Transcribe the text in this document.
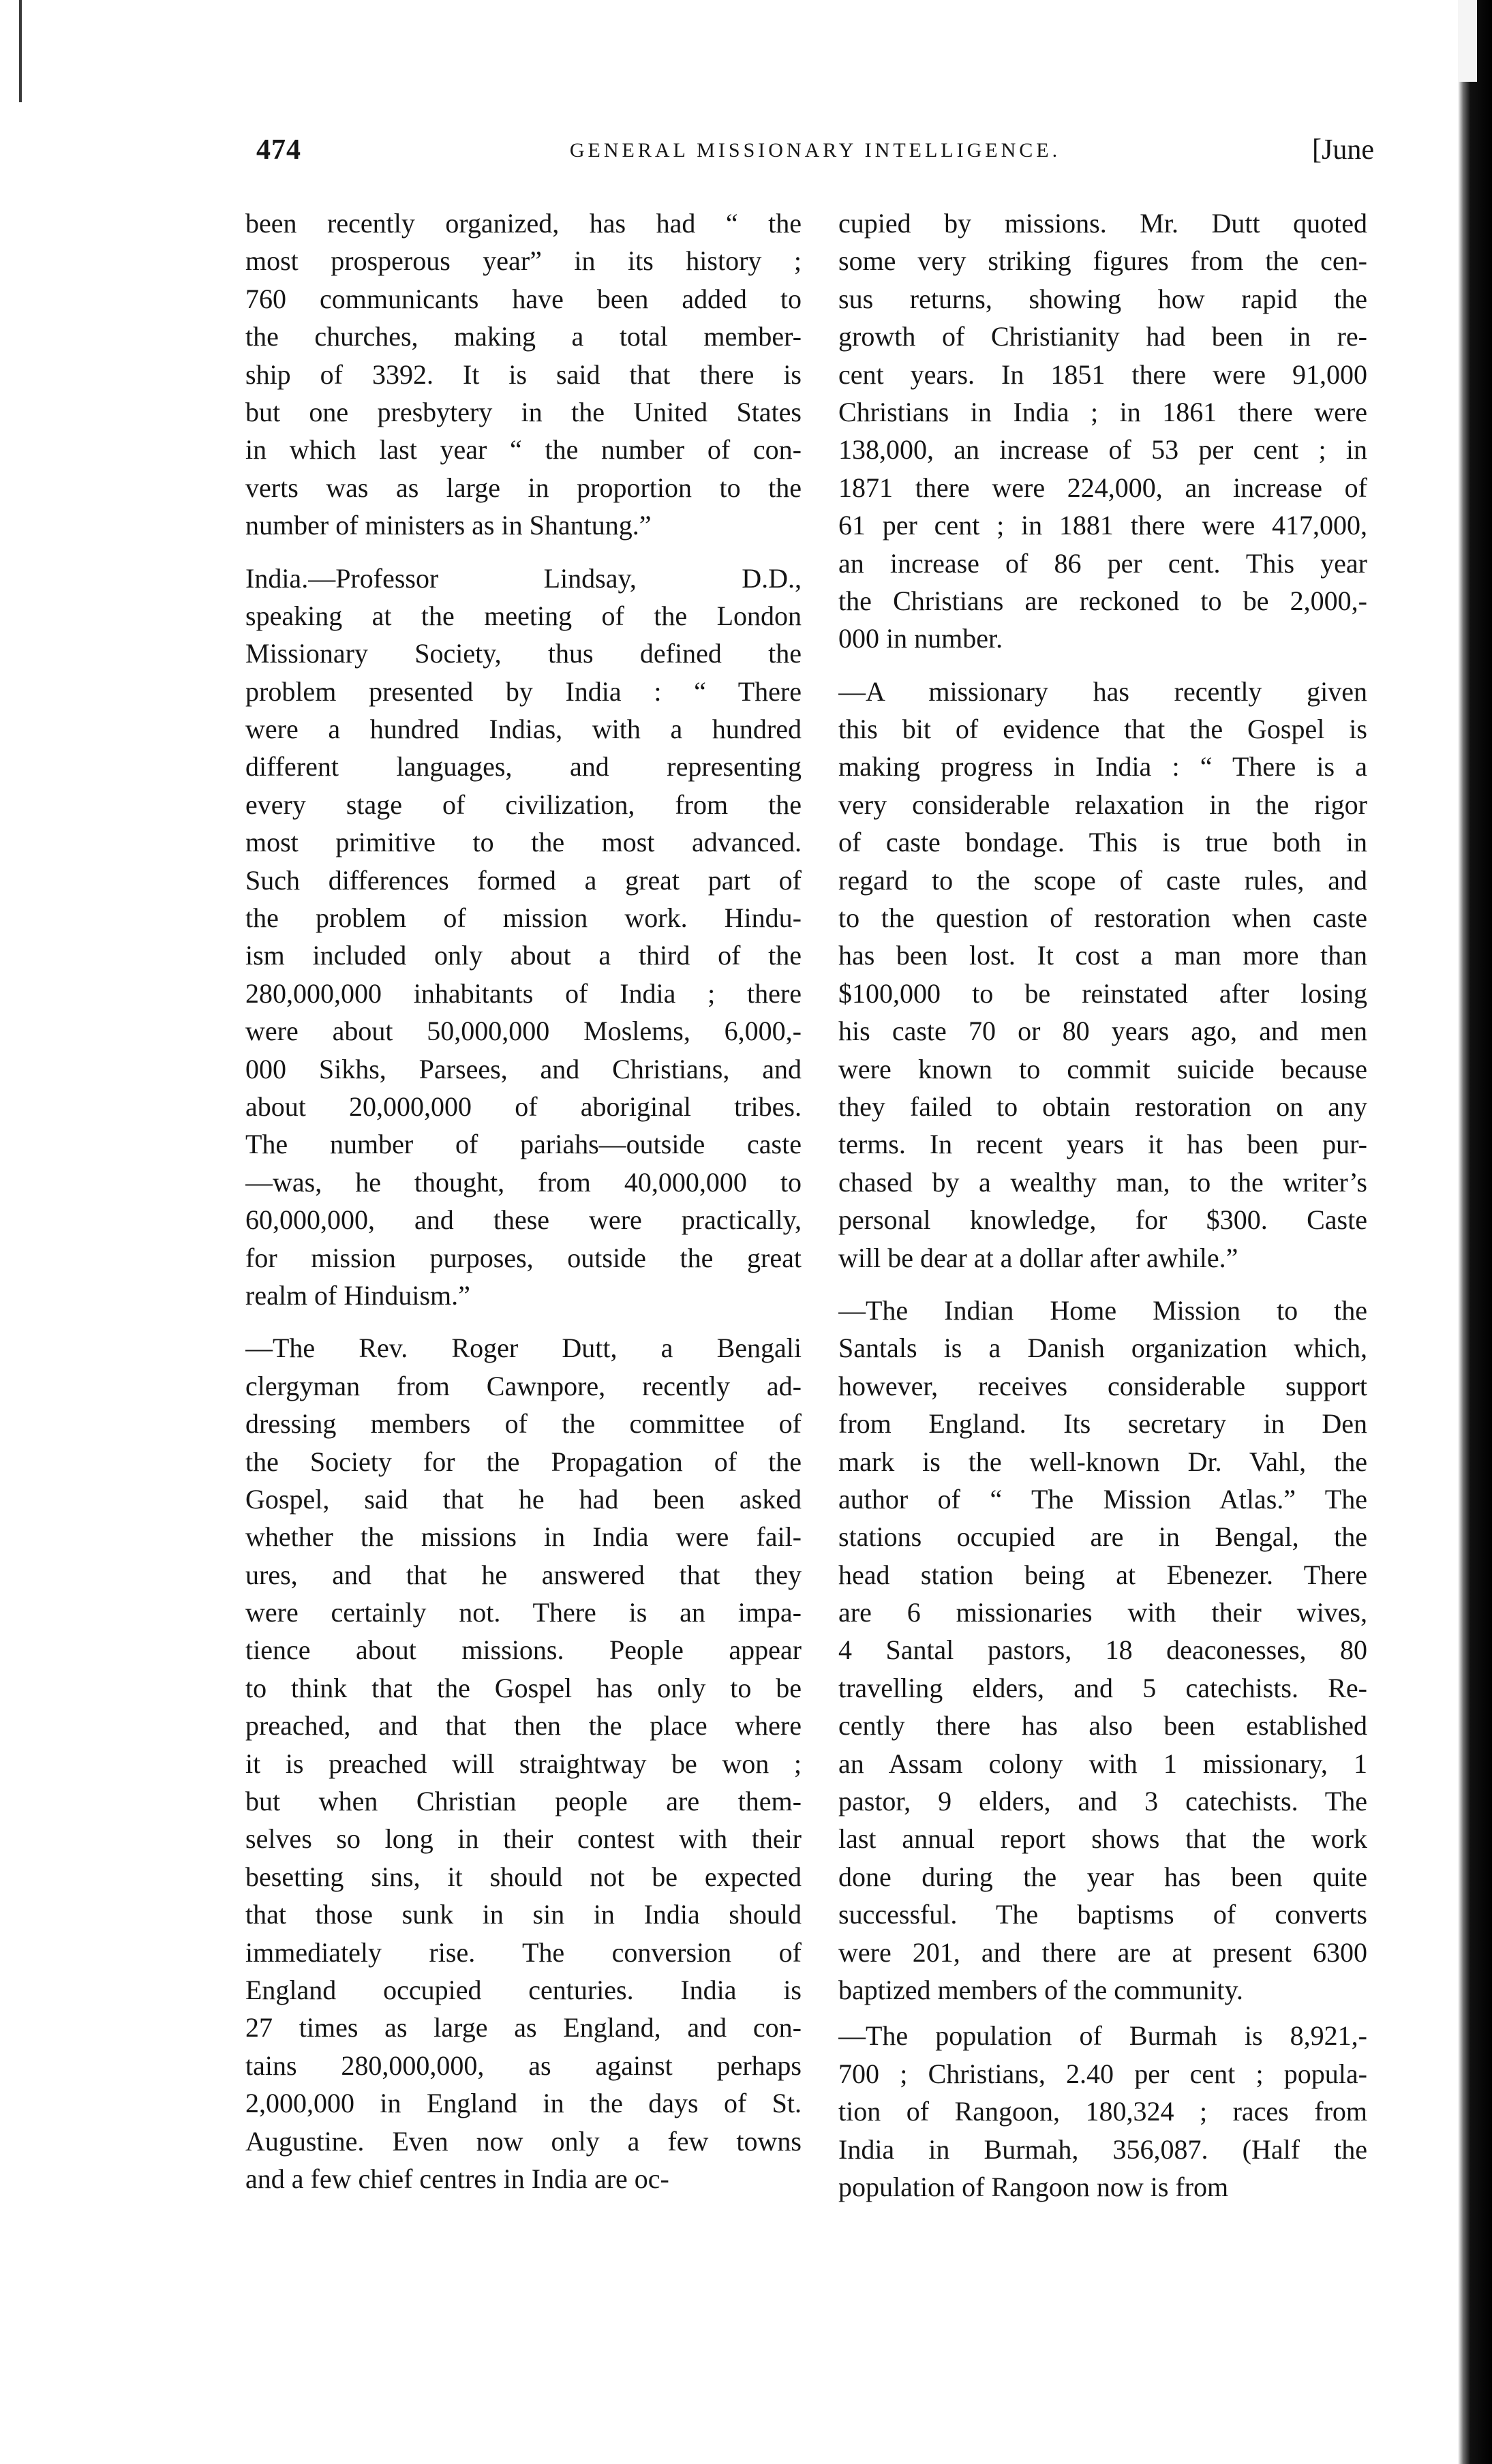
474	GENERAL MISSIONARY INTELLIGENCE.	[June
been recently organized, has had “ the
most prosperous year” in its history ;
760 communicants have been added to
the churches, making a total member-
ship of 3392. It is said that there is
but one presbytery in the United States
in which last year “ the number of con-
verts was as large in proportion to the
number of ministers as in Shantung.”
India.—Professor Lindsay, D.D.,
speaking at the meeting of the London
Missionary Society, thus defined the
problem presented by India : “ There
were a hundred Indias, with a hundred
different languages, and representing
every stage of civilization, from the
most primitive to the most advanced.
Such differences formed a great part of
the problem of mission work. Hindu-
ism included only about a third of the
280,000,000 inhabitants of India ; there
were about 50,000,000 Moslems, 6,000,-
000 Sikhs, Parsees, and Christians, and
about 20,000,000 of aboriginal tribes.
The number of pariahs—outside caste
—was, he thought, from 40,000,000 to
60,000,000, and these were practically,
for mission purposes, outside the great
realm of Hinduism.”
—The Rev. Roger Dutt, a Bengali
clergyman from Cawnpore, recently ad-
dressing members of the committee of
the Society for the Propagation of the
Gospel, said that he had been asked
whether the missions in India were fail-
ures, and that he answered that they
were certainly not. There is an impa-
tience about missions. People appear
to think that the Gospel has only to be
preached, and that then the place where
it is preached will straightway be won ;
but when Christian people are them-
selves so long in their contest with their
besetting sins, it should not be expected
that those sunk in sin in India should
immediately rise. The conversion of
England occupied centuries. India is
27 times as large as England, and con-
tains 280,000,000, as against perhaps
2,000,000 in England in the days of St.
Augustine. Even now only a few towns
and a few chief centres in India are oc-
cupied by missions. Mr. Dutt quoted
some very striking figures from the cen-
sus returns, showing how rapid the
growth of Christianity had been in re-
cent years. In 1851 there were 91,000
Christians in India ; in 1861 there were
138,000, an increase of 53 per cent ; in
1871 there were 224,000, an increase of
61 per cent ; in 1881 there were 417,000,
an increase of 86 per cent. This year
the Christians are reckoned to be 2,000,-
000 in number.
—A missionary has recently given
this bit of evidence that the Gospel is
making progress in India : “ There is a
very considerable relaxation in the rigor
of caste bondage. This is true both in
regard to the scope of caste rules, and
to the question of restoration when caste
has been lost. It cost a man more than
$100,000 to be reinstated after losing
his caste 70 or 80 years ago, and men
were known to commit suicide because
they failed to obtain restoration on any
terms. In recent years it has been pur-
chased by a wealthy man, to the writer’s
personal knowledge, for $300. Caste
will be dear at a dollar after awhile.”
—The Indian Home Mission to the
Santals is a Danish organization which,
however, receives considerable support
from England. Its secretary in Den
mark is the well-known Dr. Vahl, the
author of “ The Mission Atlas.” The
stations occupied are in Bengal, the
head station being at Ebenezer. There
are 6 missionaries with their wives,
4 Santal pastors, 18 deaconesses, 80
travelling elders, and 5 catechists. Re-
cently there has also been established
an Assam colony with 1 missionary, 1
pastor, 9 elders, and 3 catechists. The
last annual report shows that the work
done during the year has been quite
successful. The baptisms of converts
were 201, and there are at present 6300
baptized members of the community.
—The population of Burmah is 8,921,-
700 ; Christians, 2.40 per cent ; popula-
tion of Rangoon, 180,324 ; races from
India in Burmah, 356,087. (Half the
population of Rangoon now is from
